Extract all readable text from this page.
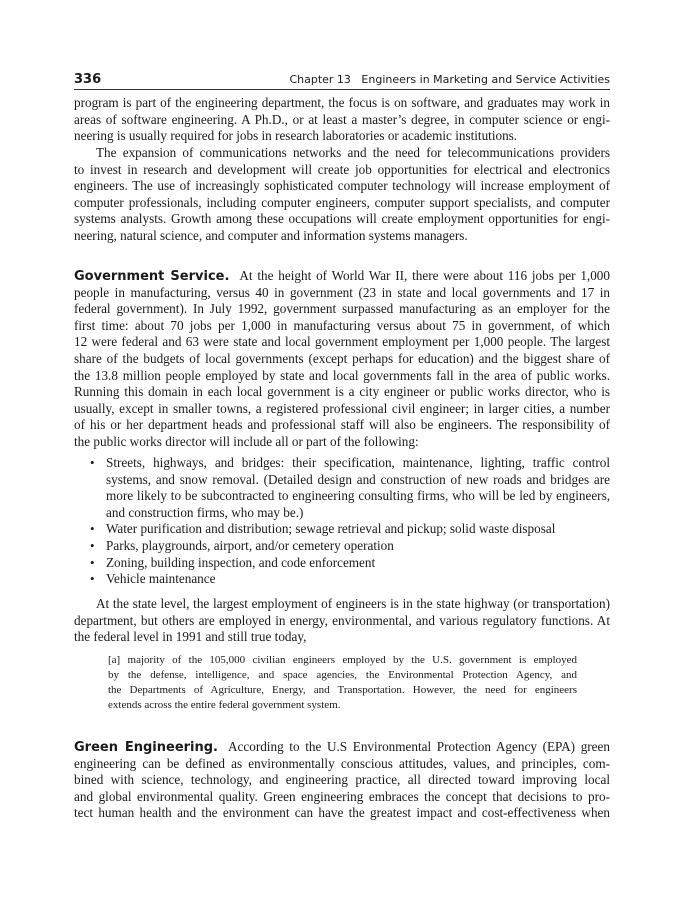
336	Chapter 13   Engineers in Marketing and Service Activities
program is part of the engineering department, the focus is on software, and graduates may work in
areas of software engineering. A Ph.D., or at least a master’s degree, in computer science or engi-
neering is usually required for jobs in research laboratories or academic institutions.
The expansion of communications networks and the need for telecommunications providers
to invest in research and development will create job opportunities for electrical and electronics
engineers. The use of increasingly sophisticated computer technology will increase employment of
computer professionals, including computer engineers, computer support specialists, and computer
systems analysts. Growth among these occupations will create employment opportunities for engi-
neering, natural science, and computer and information systems managers.
Government Service. At the height of World War II, there were about 116 jobs per 1,000
people in manufacturing, versus 40 in government (23 in state and local governments and 17 in
federal government). In July 1992, government surpassed manufacturing as an employer for the
first time: about 70 jobs per 1,000 in manufacturing versus about 75 in government, of which
12 were federal and 63 were state and local government employment per 1,000 people. The largest
share of the budgets of local governments (except perhaps for education) and the biggest share of
the 13.8 million people employed by state and local governments fall in the area of public works.
Running this domain in each local government is a city engineer or public works director, who is
usually, except in smaller towns, a registered professional civil engineer; in larger cities, a number
of his or her department heads and professional staff will also be engineers. The responsibility of
the public works director will include all or part of the following:
• Streets, highways, and bridges: their specification, maintenance, lighting, traffic control
systems, and snow removal. (Detailed design and construction of new roads and bridges are
more likely to be subcontracted to engineering consulting firms, who will be led by engineers,
and construction firms, who may be.)
• Water purification and distribution; sewage retrieval and pickup; solid waste disposal
• Parks, playgrounds, airport, and/or cemetery operation
• Zoning, building inspection, and code enforcement
• Vehicle maintenance
At the state level, the largest employment of engineers is in the state highway (or transportation)
department, but others are employed in energy, environmental, and various regulatory functions. At
the federal level in 1991 and still true today,
[a] majority of the 105,000 civilian engineers employed by the U.S. government is employed
by the defense, intelligence, and space agencies, the Environmental Protection Agency, and
the Departments of Agriculture, Energy, and Transportation. However, the need for engineers
extends across the entire federal government system.
Green Engineering. According to the U.S Environmental Protection Agency (EPA) green
engineering can be defined as environmentally conscious attitudes, values, and principles, com-
bined with science, technology, and engineering practice, all directed toward improving local
and global environmental quality. Green engineering embraces the concept that decisions to pro-
tect human health and the environment can have the greatest impact and cost-effectiveness when
